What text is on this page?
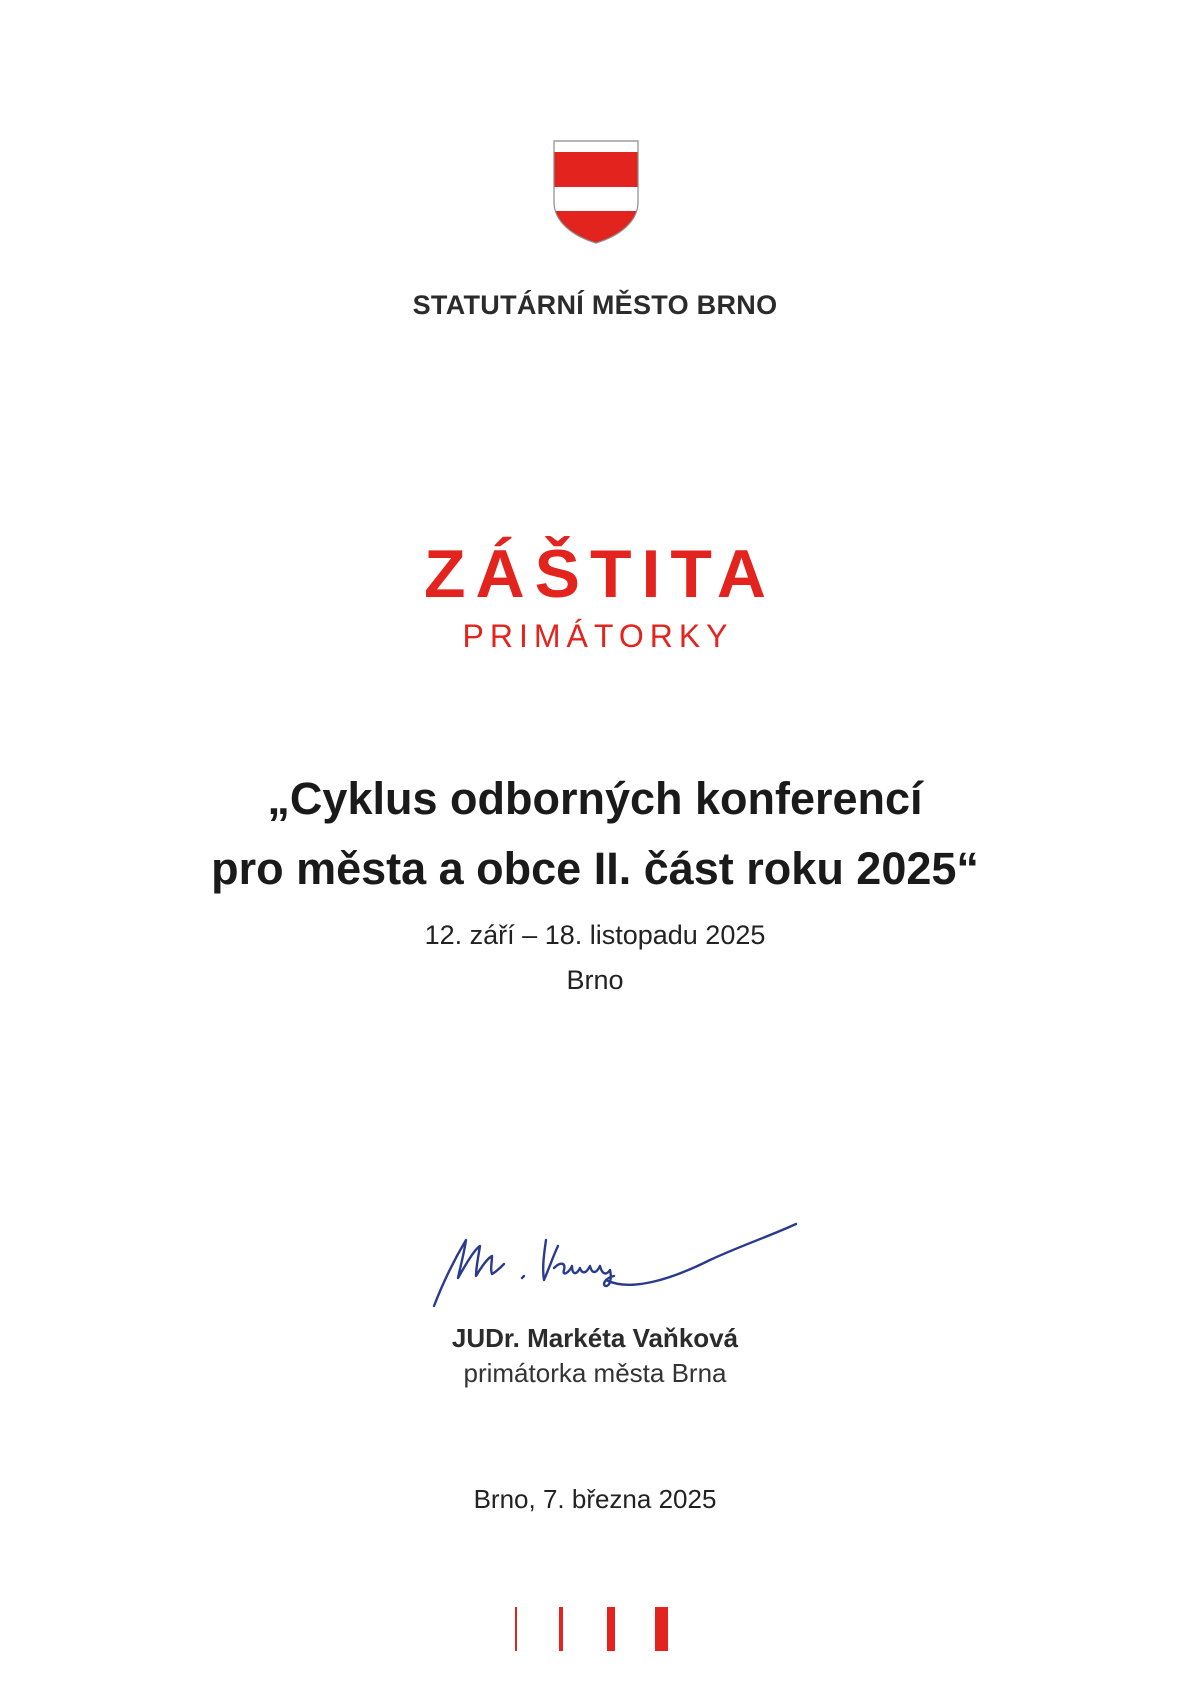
STATUTÁRNÍ MĚSTO BRNO
ZÁŠTITA
PRIMÁTORKY
„Cyklus odborných konferencí
pro města a obce II. část roku 2025“
12. září – 18. listopadu 2025
Brno
JUDr. Markéta Vaňková
primátorka města Brna
Brno, 7. března 2025
